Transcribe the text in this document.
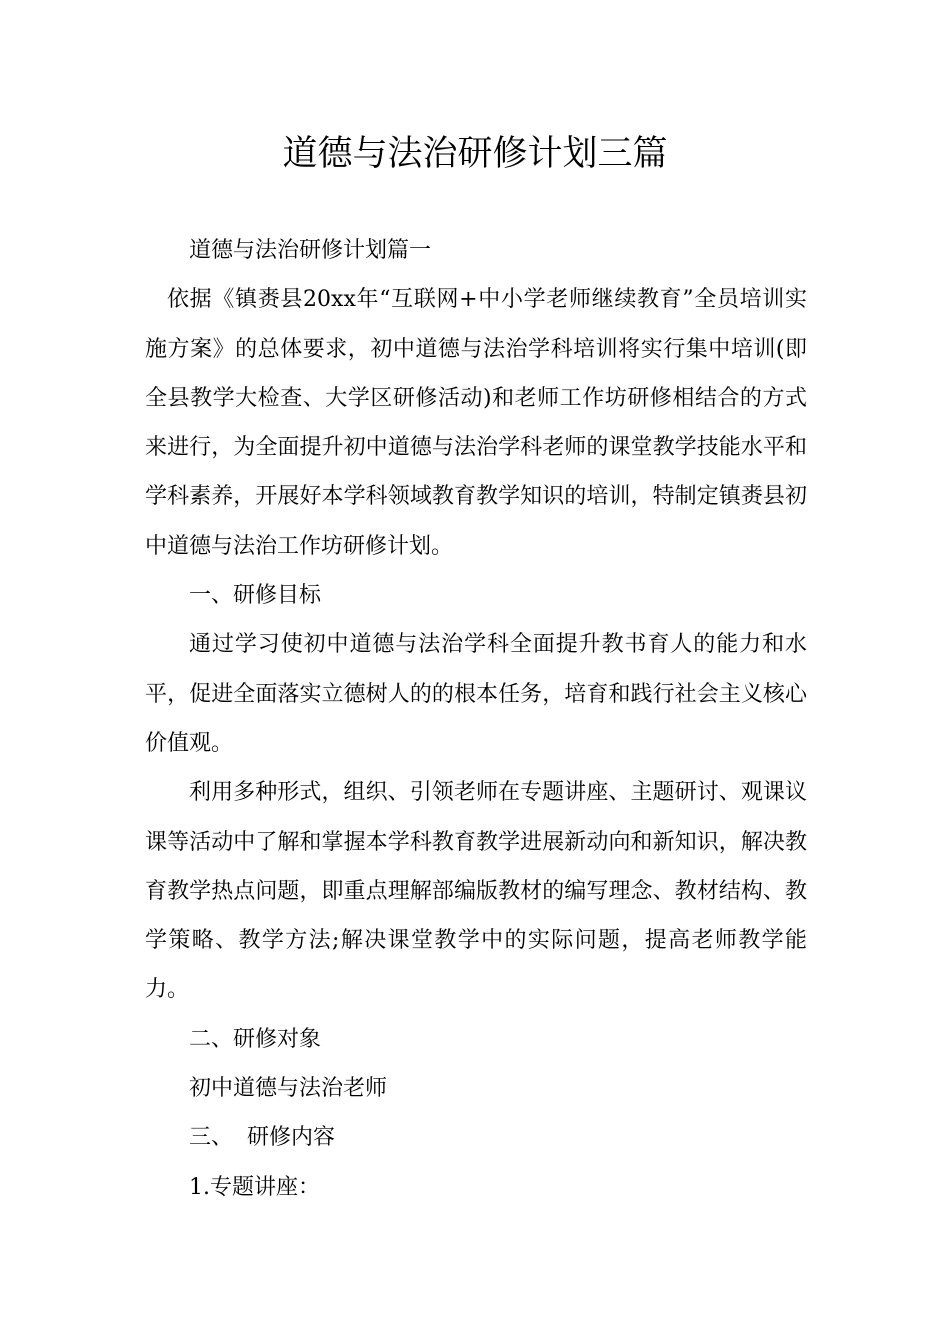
道德与法治研修计划三篇

道德与法治研修计划篇一

依据《镇赉县20xx年“互联网+中小学老师继续教育”全员培训实施方案》的总体要求，初中道德与法治学科培训将实行集中培训(即全县教学大检查、大学区研修活动)和老师工作坊研修相结合的方式来进行，为全面提升初中道德与法治学科老师的课堂教学技能水平和学科素养，开展好本学科领域教育教学知识的培训，特制定镇赉县初中道德与法治工作坊研修计划。

一、研修目标

通过学习使初中道德与法治学科全面提升教书育人的能力和水平，促进全面落实立德树人的的根本任务，培育和践行社会主义核心价值观。

利用多种形式，组织、引领老师在专题讲座、主题研讨、观课议课等活动中了解和掌握本学科教育教学进展新动向和新知识，解决教育教学热点问题，即重点理解部编版教材的编写理念、教材结构、教学策略、教学方法;解决课堂教学中的实际问题，提高老师教学能力。

二、研修对象

初中道德与法治老师

三、  研修内容

1.专题讲座：
